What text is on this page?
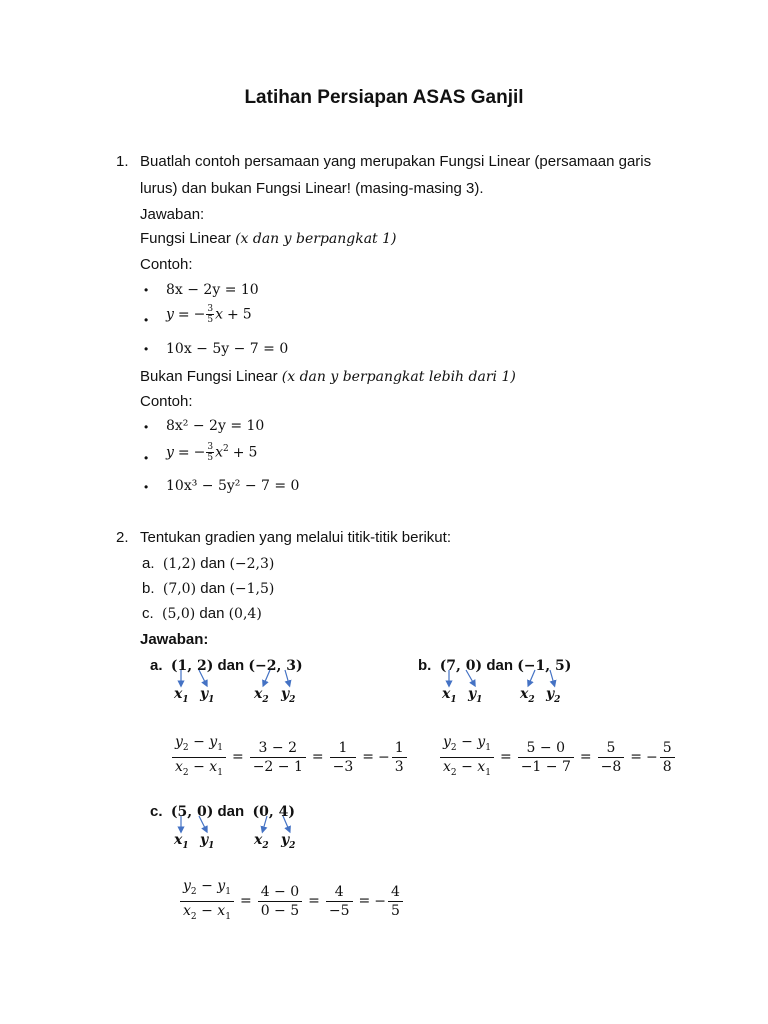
Latihan Persiapan ASAS Ganjil
1. Buatlah contoh persamaan yang merupakan Fungsi Linear (persamaan garis
lurus) dan bukan Fungsi Linear! (masing-masing 3).
Jawaban:
Fungsi Linear (x dan y berpangkat 1)
Contoh:
• 8x − 2y = 10
• y = − $\frac{3}{5}$ x + 5
• 10x − 5y − 7 = 0
Bukan Fungsi Linear (x dan y berpangkat lebih dari 1)
Contoh:
• 8x² − 2y = 10
• y = − $\frac{3}{5} x^2 + 5$
• 10x³ − 5y² − 7 = 0
2. Tentukan gradien yang melalui titik-titik berikut:
a. (1,2) dan (−2,3)
b. (7,0) dan (−1,5)
c. (5,0) dan (0,4)
Jawaban:
a. (1, 2) dan (−2, 3)
$x_1$ $y_1$	$x_2$ $y_2$
$\frac{y_2 - y_1}{x_2 - x_1} = \frac{3 - 2}{-2 - 1} = \frac{1}{-3}$ = − $\frac{1}{3}$
b. (7, 0) dan (−1, 5)
$x_1$ $y_1$	$x_2$ $y_2$
$\frac{y_2 - y_1}{x_2 - x_1} = \frac{5 - 0}{-1 - 7} = \frac{5}{-8}$ = − $\frac{5}{8}$
c. (5, 0) dan (0, 4)
$x_1$ $y_1$	$x_2$ $y_2$
$\frac{y_2 - y_1}{x_2 - x_1} = \frac{4 - 0}{0 - 5} = \frac{4}{-5}$ = − $\frac{4}{5}$
